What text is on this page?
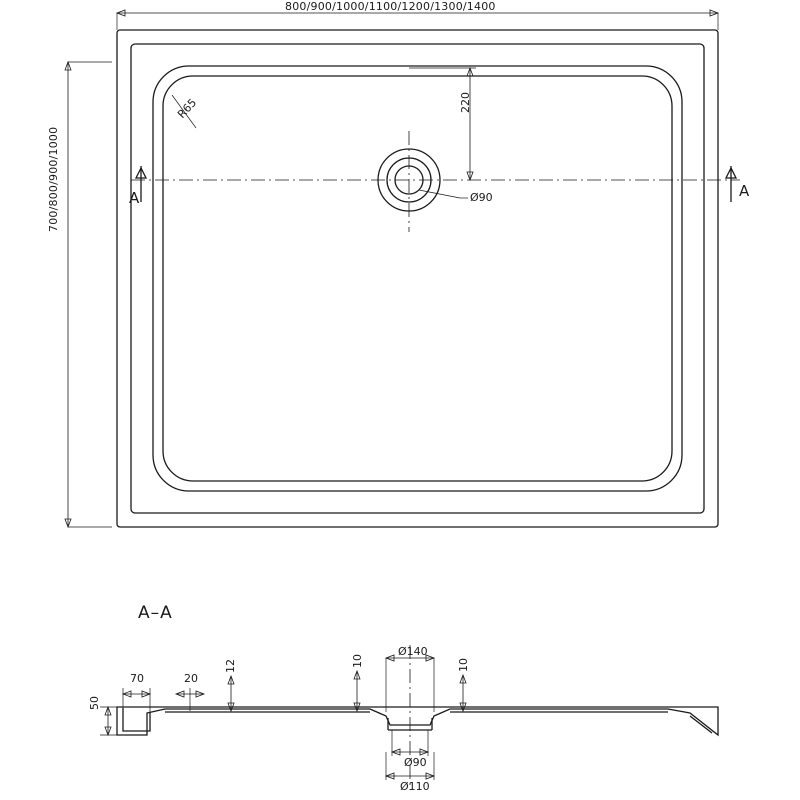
800/900/1000/1100/1200/1300/1400
700/800/900/1000
R65	220
Ø90
A	A
A–A
Ø140
Ø90
Ø110
70	20
12	10	10
50
